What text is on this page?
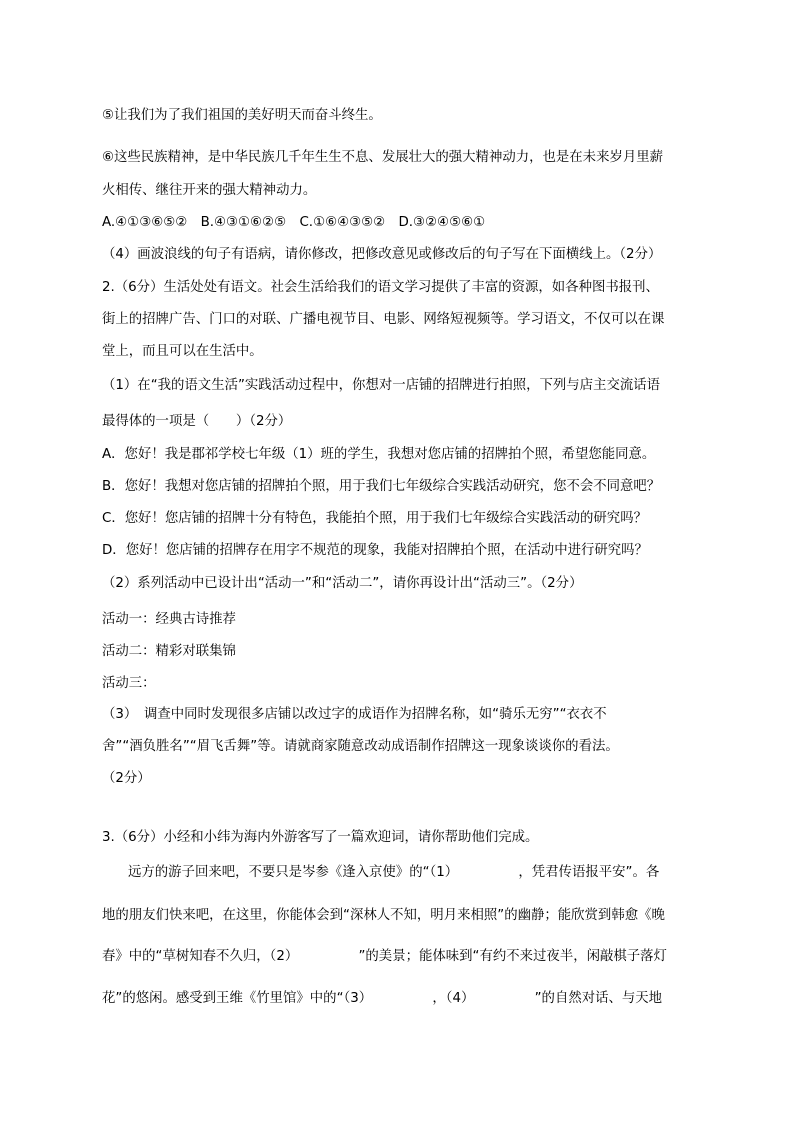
⑤让我们为了我们祖国的美好明天而奋斗终生。
⑥这些民族精神，是中华民族几千年生生不息、发展壮大的强大精神动力，也是在未来岁月里薪
火相传、继往开来的强大精神动力。
A.④①③⑥⑤②　B.④③①⑥②⑤　C.①⑥④③⑤②　D.③②④⑤⑥①
（4）画波浪线的句子有语病，请你修改，把修改意见或修改后的句子写在下面横线上。（2分）
2.（6分）生活处处有语文。社会生活给我们的语文学习提供了丰富的资源，如各种图书报刊、
街上的招牌广告、门口的对联、广播电视节目、电影、网络短视频等。学习语文，不仅可以在课
堂上，而且可以在生活中。
（1）在“我的语文生活”实践活动过程中，你想对一店铺的招牌进行拍照，下列与店主交流话语
最得体的一项是（　　）（2分）
A．您好！我是郡祁学校七年级（1）班的学生，我想对您店铺的招牌拍个照，希望您能同意。
B．您好！我想对您店铺的招牌拍个照，用于我们七年级综合实践活动研究，您不会不同意吧？
C．您好！您店铺的招牌十分有特色，我能拍个照，用于我们七年级综合实践活动的研究吗？
D．您好！您店铺的招牌存在用字不规范的现象，我能对招牌拍个照，在活动中进行研究吗？
（2）系列活动中已设计出“活动一”和“活动二”，请你再设计出“活动三”。（2分）
活动一：经典古诗推荐
活动二：精彩对联集锦
活动三：
（3）　调查中同时发现很多店铺以改过字的成语作为招牌名称，如“骑乐无穷”“衣衣不
舍”“酒负胜名”“眉飞舌舞”等。请就商家随意改动成语制作招牌这一现象谈谈你的看法。
（2分）
3.（6分）小经和小纬为海内外游客写了一篇欢迎词，请你帮助他们完成。
远方的游子回来吧，不要只是岑参《逢入京使》的“（1）　　　　　，凭君传语报平安”。各
地的朋友们快来吧，在这里，你能体会到“深林人不知，明月来相照”的幽静；能欣赏到韩愈《晚
春》中的“草树知春不久归，（2）　　　　　”的美景；能体味到“有约不来过夜半，闲敲棋子落灯
花”的悠闲。感受到王维《竹里馆》中的“（3）　　　　　，（4）　　　　　”的自然对话、与天地
